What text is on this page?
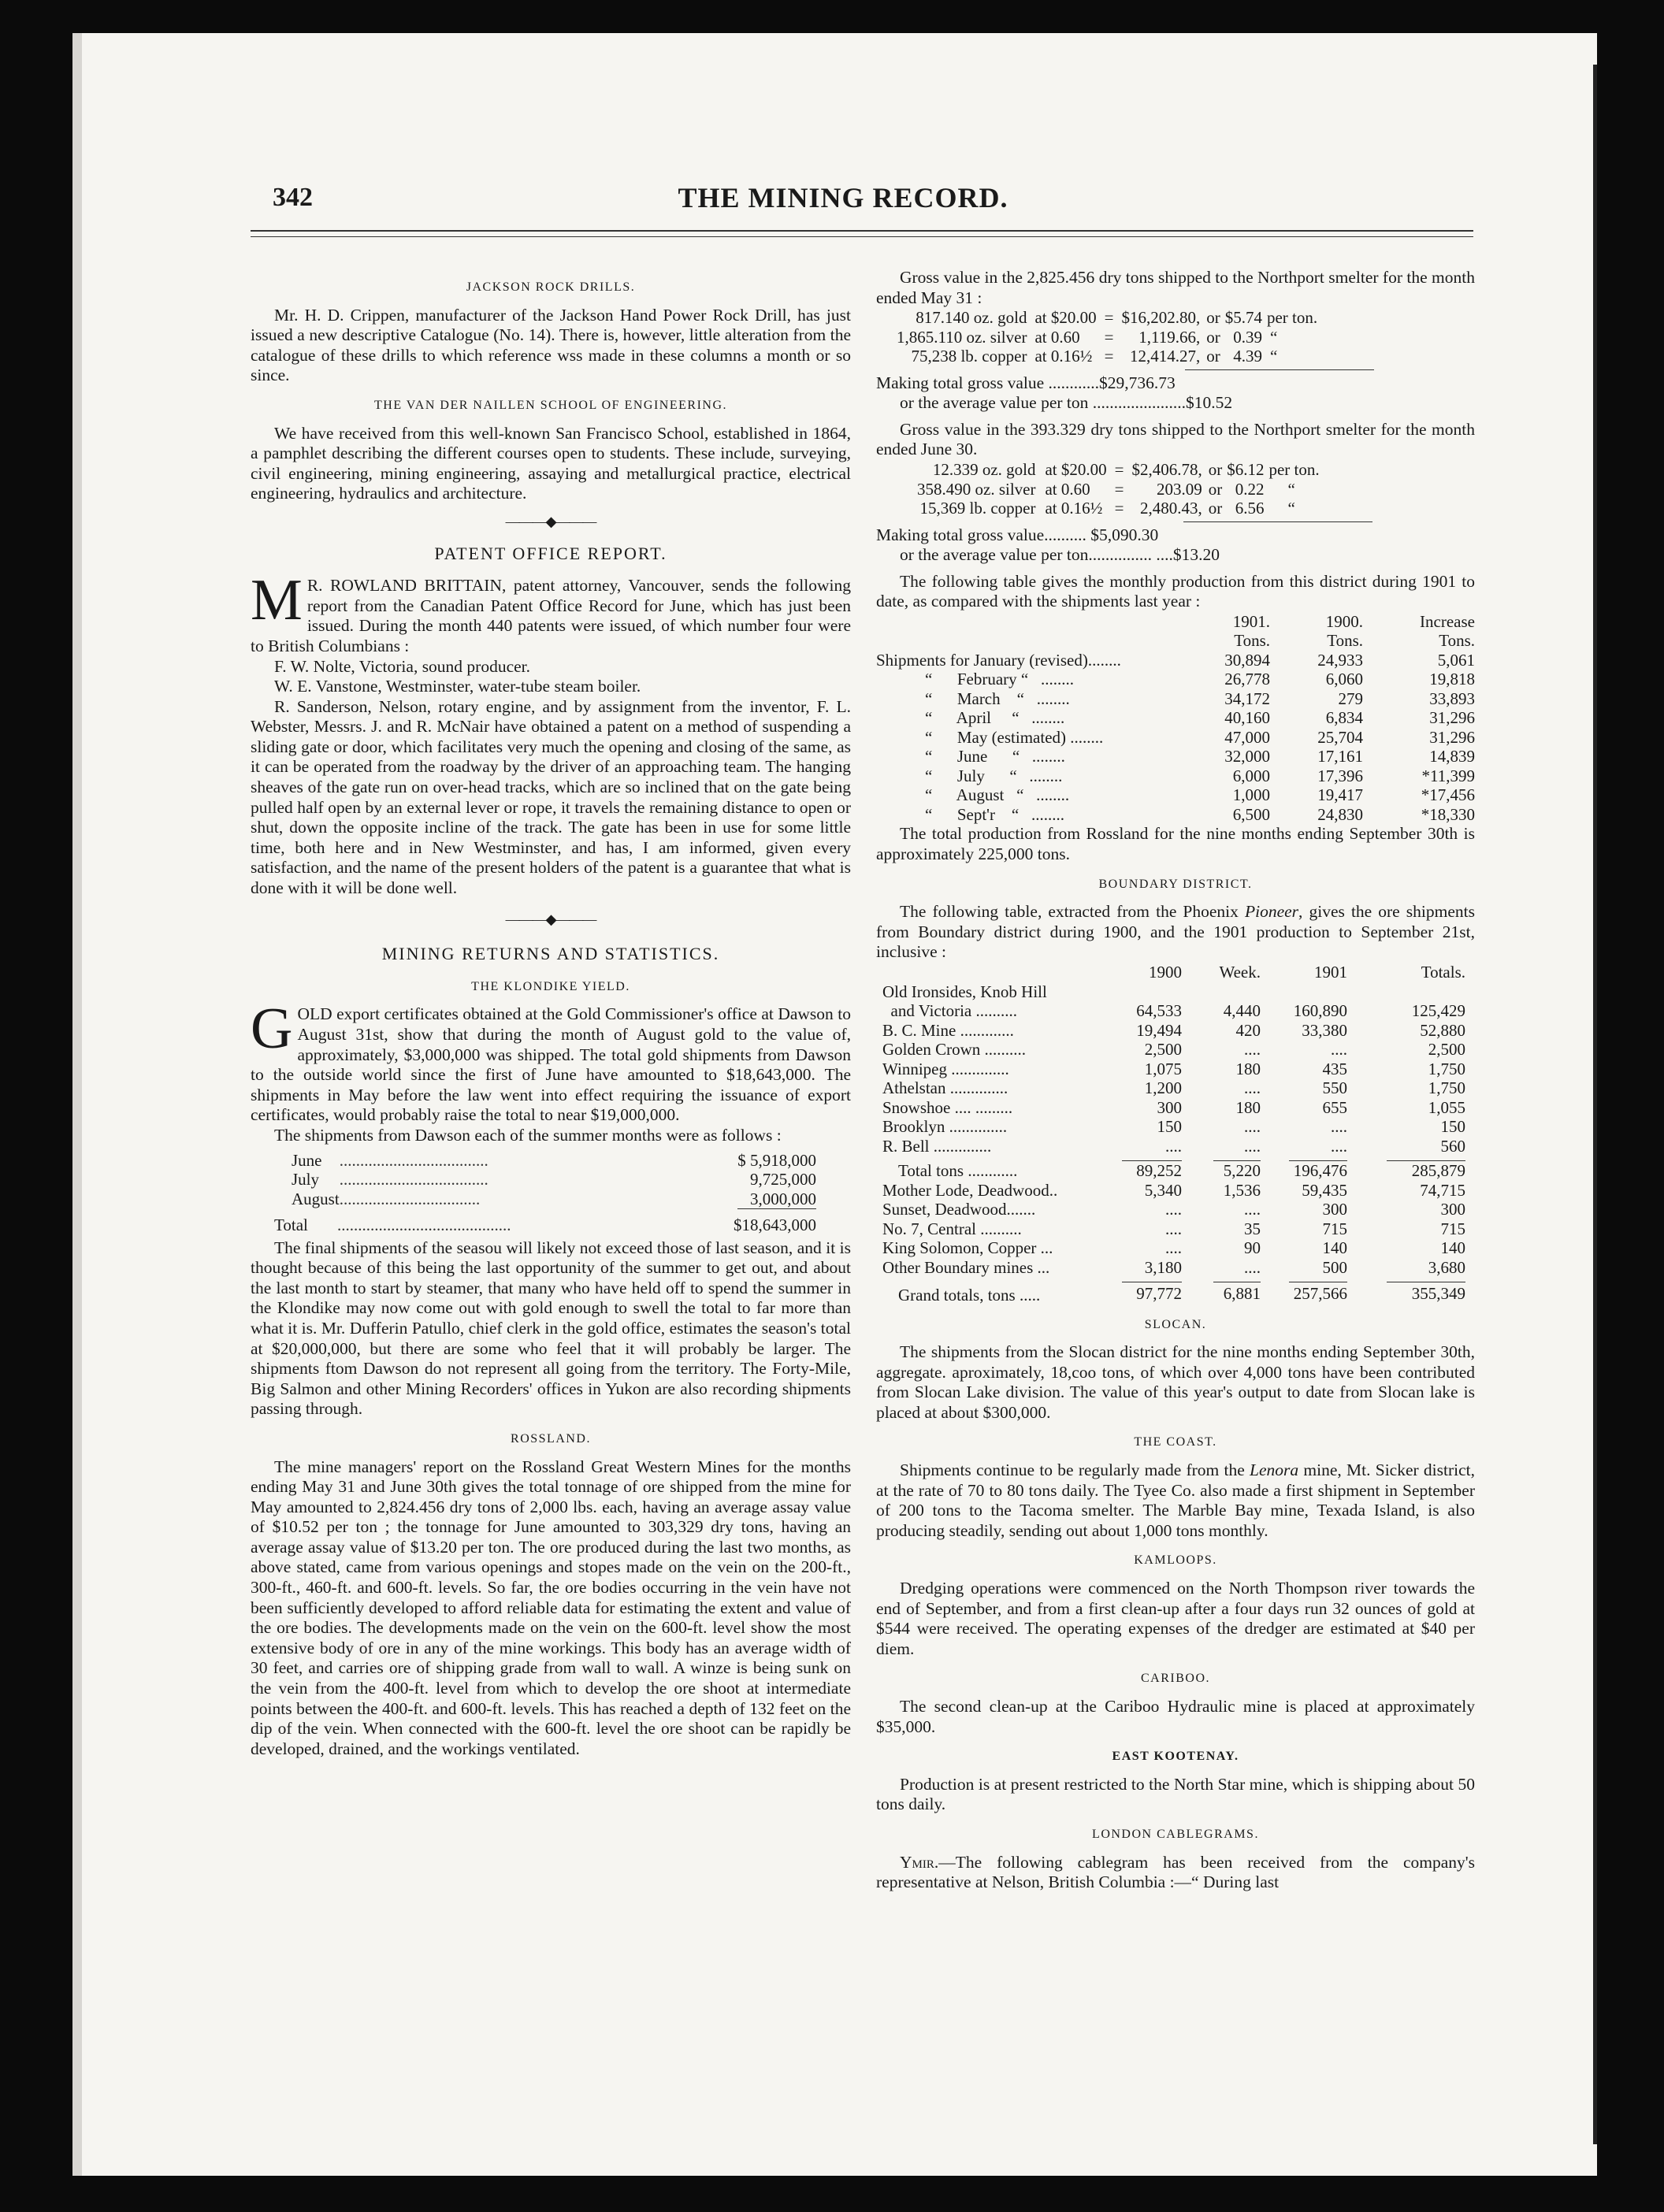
342	THE MINING RECORD.
JACKSON ROCK DRILLS.

Mr. H. D. Crippen, manufacturer of the Jackson Hand Power Rock Drill, has just issued a new descriptive Catalogue (No. 14). There is, however, little alteration from the catalogue of these drills to which reference wss made in these columns a month or so since.

THE VAN DER NAILLEN SCHOOL OF ENGINEERING.

We have received from this well-known San Francisco School, established in 1864, a pamphlet describing the different courses open to students. These include, surveying, civil engineering, mining engineering, assaying and metallurgical practice, electrical engineering, hydraulics and architecture.

———◆———
PATENT OFFICE REPORT.

M R. ROWLAND BRITTAIN, patent attorney, Vancouver, sends the following report from the Canadian Patent Office Record for June, which has just been issued. During the month 440 patents were issued, of which number four were to British Columbians :

F. W. Nolte, Victoria, sound producer.

W. E. Vanstone, Westminster, water-tube steam boiler.

R. Sanderson, Nelson, rotary engine, and by assignment from the inventor, F. L. Webster, Messrs. J. and R. McNair have obtained a patent on a method of suspending a sliding gate or door, which facilitates very much the opening and closing of the same, as it can be operated from the roadway by the driver of an approaching team. The hanging sheaves of the gate run on over-head tracks, which are so inclined that on the gate being pulled half open by an external lever or rope, it travels the remaining distance to open or shut, down the opposite incline of the track. The gate has been in use for some little time, both here and in New Westminster, and has, I am informed, given every satisfaction, and the name of the present holders of the patent is a guarantee that what is done with it will be done well.

———◆———
MINING RETURNS AND STATISTICS.
THE KLONDIKE YIELD.

GOLD export certificates obtained at the Gold Commissioner's office at Dawson to August 31st, show that during the month of August gold to the value of, approximately, $3,000,000 was shipped. The total gold shipments from Dawson to the outside world since the first of June have amounted to $18,643,000. The shipments in May before the law went into effect requiring the issuance of export certificates, would probably raise the total to near $19,000,000.

The shipments from Dawson each of the summer months were as follows :

June	....................................	$ 5,918,000
July	....................................	9,725,000
August	..................................	3,000,000
Total	..........................................	$18,643,000

The final shipments of the seasou will likely not exceed those of last season, and it is thought because of this being the last opportunity of the summer to get out, and about the last month to start by steamer, that many who have held off to spend the summer in the Klondike may now come out with gold enough to swell the total to far more than what it is. Mr. Dufferin Patullo, chief clerk in the gold office, estimates the season's total at $20,000,000, but there are some who feel that it will probably be larger. The shipments ftom Dawson do not represent all going from the territory. The Forty-Mile, Big Salmon and other Mining Recorders' offices in Yukon are also recording shipments passing through.

ROSSLAND.

The mine managers' report on the Rossland Great Western Mines for the months ending May 31 and June 30th gives the total tonnage of ore shipped from the mine for May amounted to 2,824.456 dry tons of 2,000 lbs. each, having an average assay value of $10.52 per ton ; the tonnage for June amounted to 303,329 dry tons, having an average assay value of $13.20 per ton. The ore produced during the last two months, as above stated, came from various openings and stopes made on the vein on the 200-ft., 300-ft., 460-ft. and 600-ft. levels. So far, the ore bodies occurring in the vein have not been sufficiently developed to afford reliable data for estimating the extent and value of the ore bodies. The developments made on the vein on the 600-ft. level show the most extensive body of ore in any of the mine workings. This body has an average width of 30 feet, and carries ore of shipping grade from wall to wall. A winze is being sunk on the vein from the 400-ft. level from which to develop the ore shoot at intermediate points between the 400-ft. and 600-ft. levels. This has reached a depth of 132 feet on the dip of the vein. When connected with the 600-ft. level the ore shoot can be rapidly be developed, drained, and the workings ventilated.

Gross value in the 2,825.456 dry tons shipped to the Northport smelter for the month ended May 31 :

817.140 oz. gold	at $20.00	=	$16,202.80,	or	$5.74	per ton.
1,865.110 oz. silver	at 0.60	=	1,119.66,	or	0.39	“
75,238 lb. copper	at 0.16½	=	12,414.27,	or	4.39	“

Making total gross value ............$29,736.73

or the average value per ton ......................$10.52

Gross value in the 393.329 dry tons shipped to the Northport smelter for the month ended June 30.

12.339 oz. gold	at $20.00	=	$2,406.78,	or	$6.12	per ton.
358.490 oz. silver	at 0.60	=	203.09	or	0.22	“
15,369 lb. copper	at 0.16½	=	2,480.43,	or	6.56	“

Making total gross value.......... $5,090.30

or the average value per ton............... ....$13.20

The following table gives the monthly production from this district during 1901 to date, as compared with the shipments last year :

	1901.	1900.	Increase
	Tons.	Tons.	Tons.
Shipments for January (revised)........	30,894	24,933	5,061
“      February “   ........	26,778	6,060	19,818
“      March    “   ........	34,172	279	33,893
“      April     “   ........	40,160	6,834	31,296
“      May (estimated) ........	47,000	25,704	31,296
“      June      “   ........	32,000	17,161	14,839
“      July      “   ........	6,000	17,396	*11,399
“      August   “   ........	1,000	19,417	*17,456
“      Sept'r    “   ........	6,500	24,830	*18,330

The total production from Rossland for the nine months ending September 30th is approximately 225,000 tons.

BOUNDARY DISTRICT.

The following table, extracted from the Phoenix Pioneer, gives the ore shipments from Boundary district during 1900, and the 1901 production to September 21st, inclusive :

	1900	Week.	1901	Totals.
Old Ironsides, Knob Hill				
and Victoria ..........	64,533	4,440	160,890	125,429
B. C. Mine .............	19,494	420	33,380	52,880
Golden Crown ..........	2,500	....	....	2,500
Winnipeg ..............	1,075	180	435	1,750
Athelstan ..............	1,200	....	550	1,750
Snowshoe .... .........	300	180	655	1,055
Brooklyn ..............	150	....	....	150
R. Bell ..............	....	....	....	560

Total tons ............	89,252	5,220	196,476	285,879
Mother Lode, Deadwood..	5,340	1,536	59,435	74,715
Sunset, Deadwood.......	....	....	300	300
No. 7, Central ..........	....	35	715	715
King Solomon, Copper ...	....	90	140	140
Other Boundary mines ...	3,180	....	500	3,680

Grand totals, tons .....	97,772	6,881	257,566	355,349
SLOCAN.

The shipments from the Slocan district for the nine months ending September 30th, aggregate. aproximately, 18,coo tons, of which over 4,000 tons have been contributed from Slocan Lake division. The value of this year's output to date from Slocan lake is placed at about $300,000.

THE COAST.

Shipments continue to be regularly made from the Lenora mine, Mt. Sicker district, at the rate of 70 to 80 tons daily. The Tyee Co. also made a first shipment in September of 200 tons to the Tacoma smelter. The Marble Bay mine, Texada Island, is also producing steadily, sending out about 1,000 tons monthly.

KAMLOOPS.

Dredging operations were commenced on the North Thompson river towards the end of September, and from a first clean-up after a four days run 32 ounces of gold at $544 were received. The operating expenses of the dredger are estimated at $40 per diem.

CARIBOO.

The second clean-up at the Cariboo Hydraulic mine is placed at approximately $35,000.

EAST KOOTENAY.

Production is at present restricted to the North Star mine, which is shipping about 50 tons daily.

LONDON CABLEGRAMS.

Ymir.—The following cablegram has been received from the company's representative at Nelson, British Columbia :—“ During last
